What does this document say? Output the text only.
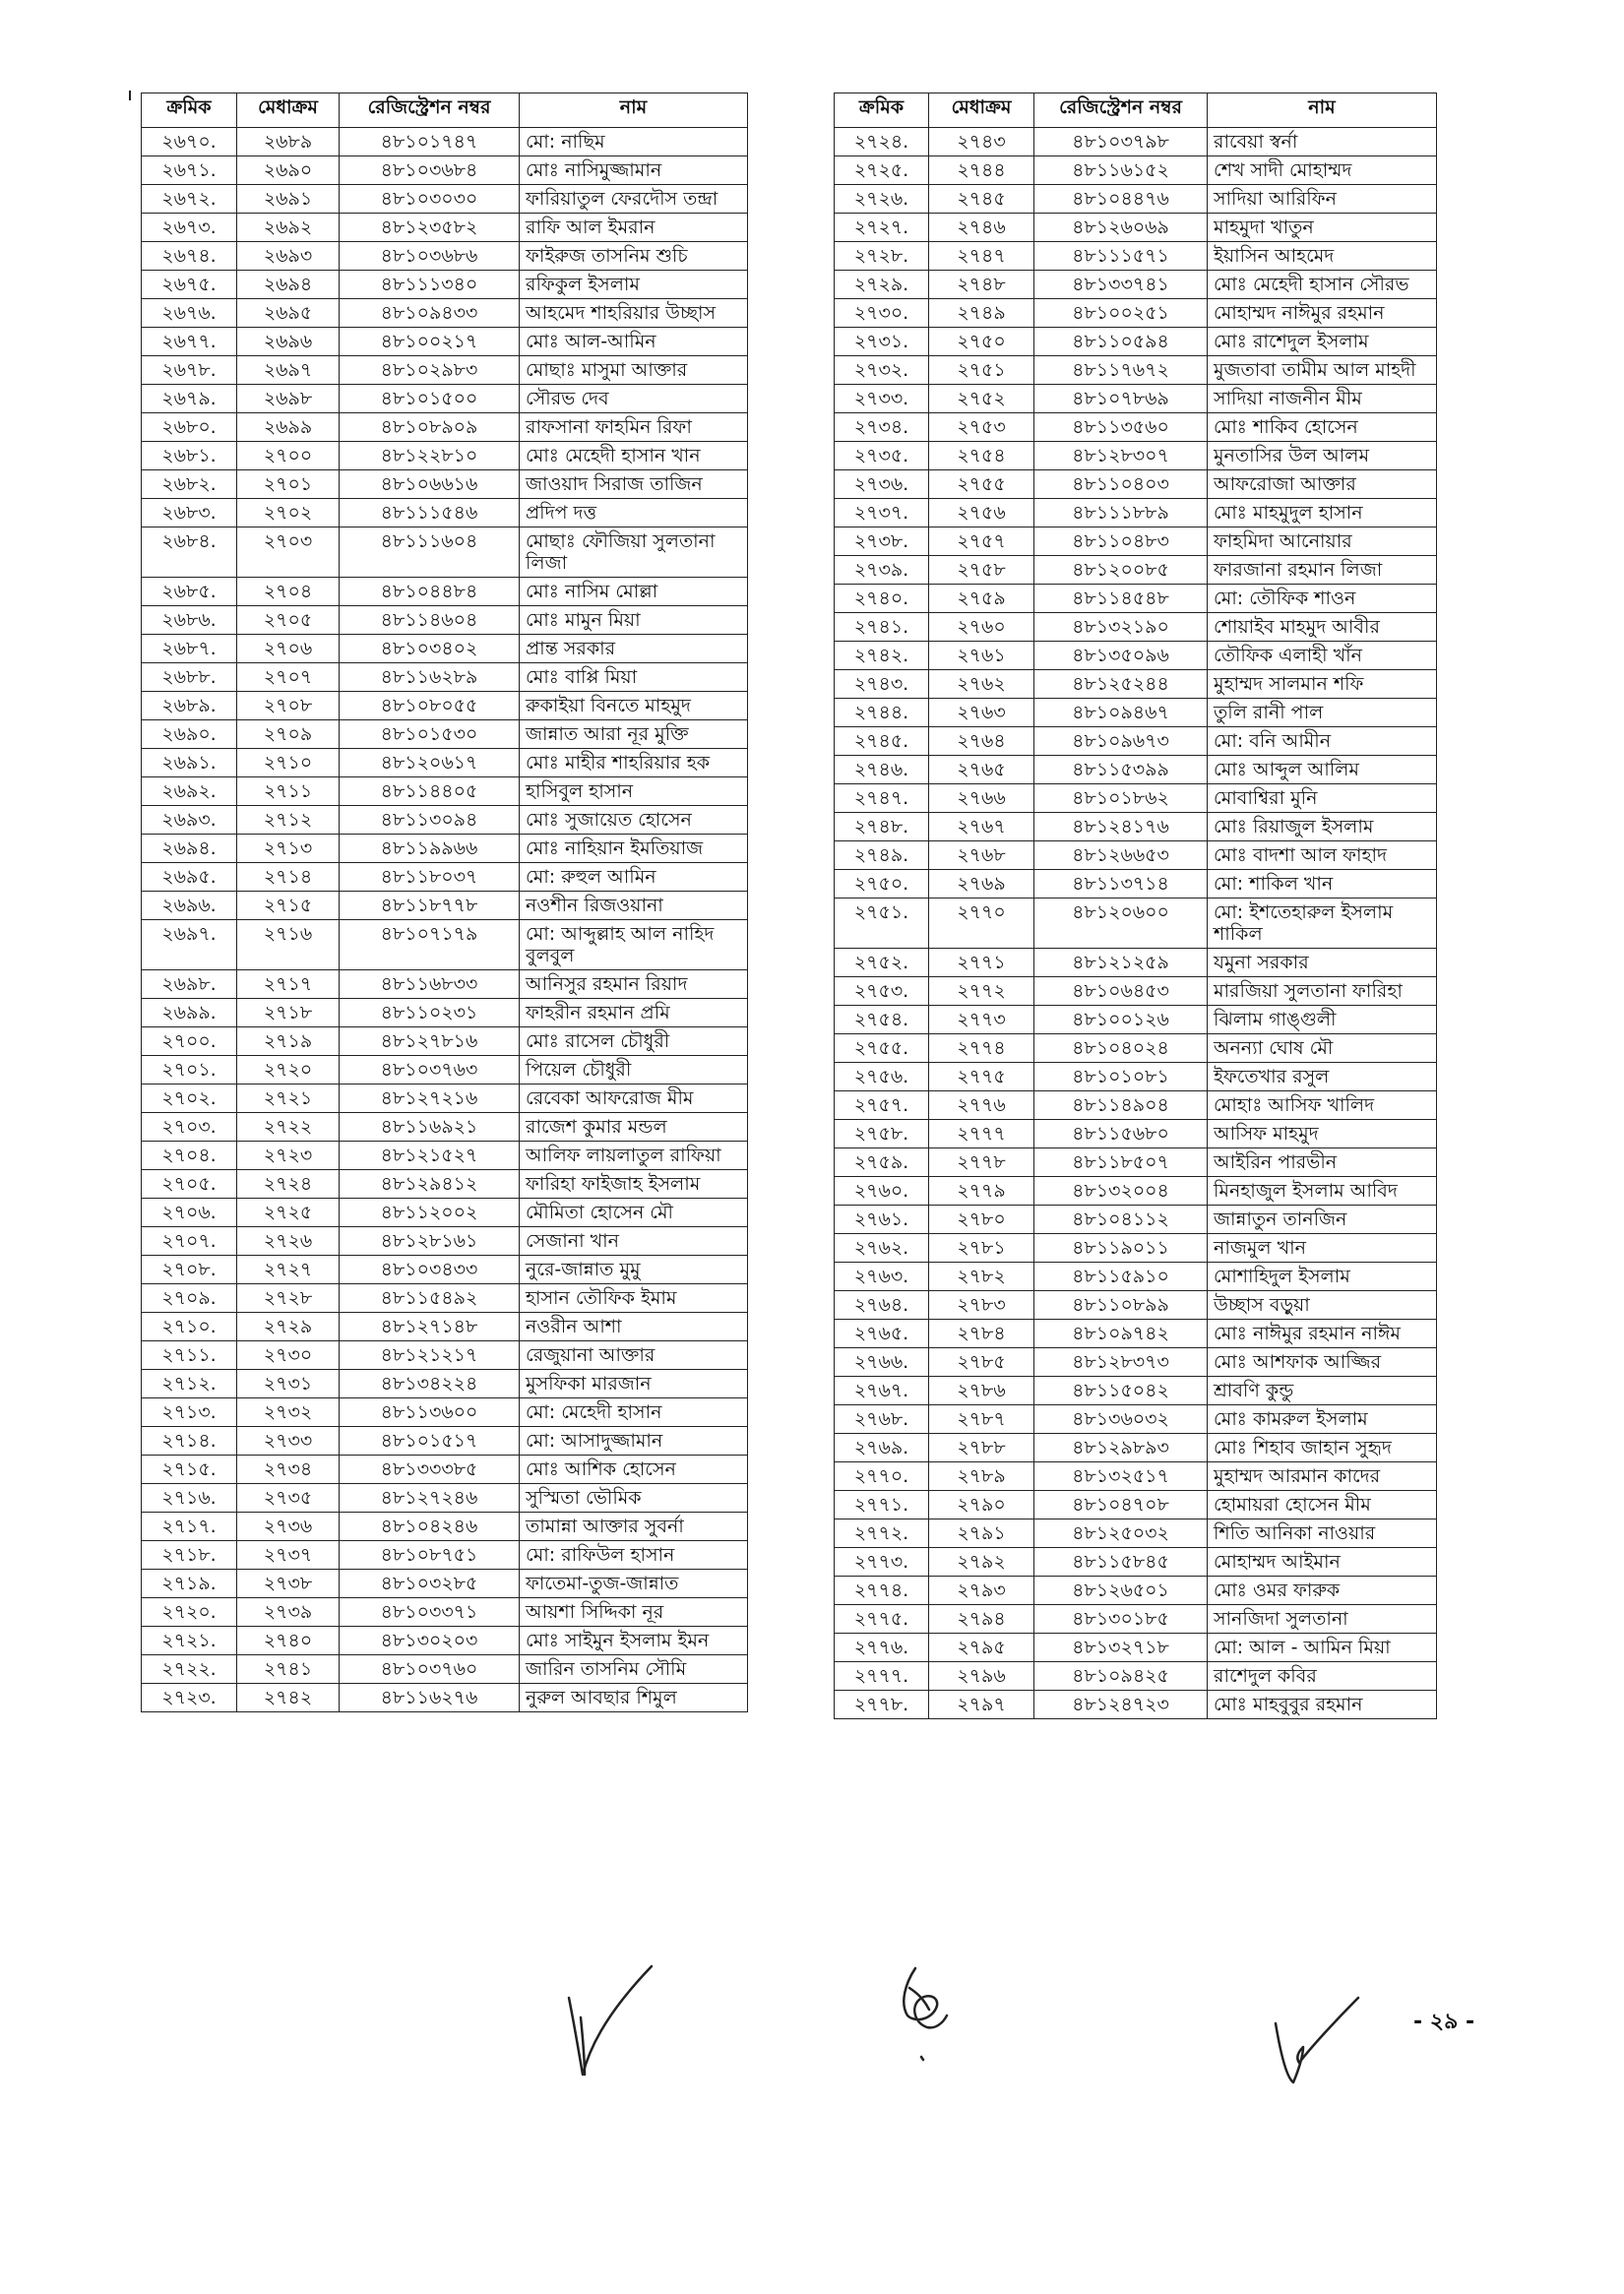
ক্রমিক	মেধাক্রম	রেজিস্ট্রেশন নম্বর	নাম
২৬৭০.	২৬৮৯	৪৮১০১৭৪৭	মো: নাছিম
২৬৭১.	২৬৯০	৪৮১০৩৬৮৪	মোঃ নাসিমুজ্জামান
২৬৭২.	২৬৯১	৪৮১০৩০৩০	ফারিয়াতুল ফেরদৌস তন্দ্রা
২৬৭৩.	২৬৯২	৪৮১২৩৫৮২	রাফি আল ইমরান
২৬৭৪.	২৬৯৩	৪৮১০৩৬৮৬	ফাইরুজ তাসনিম শুচি
২৬৭৫.	২৬৯৪	৪৮১১১৩৪০	রফিকুল ইসলাম
২৬৭৬.	২৬৯৫	৪৮১০৯৪৩৩	আহমেদ শাহরিয়ার উচ্ছাস
২৬৭৭.	২৬৯৬	৪৮১০০২১৭	মোঃ আল-আমিন
২৬৭৮.	২৬৯৭	৪৮১০২৯৮৩	মোছাঃ মাসুমা আক্তার
২৬৭৯.	২৬৯৮	৪৮১০১৫০০	সৌরভ দেব
২৬৮০.	২৬৯৯	৪৮১০৮৯০৯	রাফসানা ফাহমিন রিফা
২৬৮১.	২৭০০	৪৮১২২৮১০	মোঃ মেহেদী হাসান খান
২৬৮২.	২৭০১	৪৮১০৬৬১৬	জাওয়াদ সিরাজ তাজিন
২৬৮৩.	২৭০২	৪৮১১১৫৪৬	প্রদিপ দত্ত
২৬৮৪.	২৭০৩	৪৮১১১৬০৪	মোছাঃ ফৌজিয়া সুলতানা লিজা
২৬৮৫.	২৭০৪	৪৮১০৪৪৮৪	মোঃ নাসিম মোল্লা
২৬৮৬.	২৭০৫	৪৮১১৪৬০৪	মোঃ মামুন মিয়া
২৬৮৭.	২৭০৬	৪৮১০৩৪০২	প্রান্ত সরকার
২৬৮৮.	২৭০৭	৪৮১১৬২৮৯	মোঃ বাপ্পি মিয়া
২৬৮৯.	২৭০৮	৪৮১০৮০৫৫	রুকাইয়া বিনতে মাহমুদ
২৬৯০.	২৭০৯	৪৮১০১৫৩০	জান্নাত আরা নূর মুক্তি
২৬৯১.	২৭১০	৪৮১২০৬১৭	মোঃ মাহীর শাহরিয়ার হক
২৬৯২.	২৭১১	৪৮১১৪৪০৫	হাসিবুল হাসান
২৬৯৩.	২৭১২	৪৮১১৩০৯৪	মোঃ সুজায়েত হোসেন
২৬৯৪.	২৭১৩	৪৮১১৯৯৬৬	মোঃ নাহিয়ান ইমতিয়াজ
২৬৯৫.	২৭১৪	৪৮১১৮০৩৭	মো: রুহুল আমিন
২৬৯৬.	২৭১৫	৪৮১১৮৭৭৮	নওশীন রিজওয়ানা
২৬৯৭.	২৭১৬	৪৮১০৭১৭৯	মো: আব্দুল্লাহ আল নাহিদ বুলবুল
২৬৯৮.	২৭১৭	৪৮১১৬৮৩৩	আনিসুর রহমান রিয়াদ
২৬৯৯.	২৭১৮	৪৮১১০২৩১	ফাহরীন রহমান প্রমি
২৭০০.	২৭১৯	৪৮১২৭৮১৬	মোঃ রাসেল চৌধুরী
২৭০১.	২৭২০	৪৮১০৩৭৬৩	পিয়েল চৌধুরী
২৭০২.	২৭২১	৪৮১২৭২১৬	রেবেকা আফরোজ মীম
২৭০৩.	২৭২২	৪৮১১৬৯২১	রাজেশ কুমার মন্ডল
২৭০৪.	২৭২৩	৪৮১২১৫২৭	আলিফ লায়লাতুল রাফিয়া
২৭০৫.	২৭২৪	৪৮১২৯৪১২	ফারিহা ফাইজাহ ইসলাম
২৭০৬.	২৭২৫	৪৮১১২০০২	মৌমিতা হোসেন মৌ
২৭০৭.	২৭২৬	৪৮১২৮১৬১	সেজানা খান
২৭০৮.	২৭২৭	৪৮১০৩৪৩৩	নুরে-জান্নাত মুমু
২৭০৯.	২৭২৮	৪৮১১৫৪৯২	হাসান তৌফিক ইমাম
২৭১০.	২৭২৯	৪৮১২৭১৪৮	নওরীন আশা
২৭১১.	২৭৩০	৪৮১২১২১৭	রেজুয়ানা আক্তার
২৭১২.	২৭৩১	৪৮১৩৪২২৪	মুসফিকা মারজান
২৭১৩.	২৭৩২	৪৮১১৩৬০০	মো: মেহেদী হাসান
২৭১৪.	২৭৩৩	৪৮১০১৫১৭	মো: আসাদুজ্জামান
২৭১৫.	২৭৩৪	৪৮১৩৩৩৮৫	মোঃ আশিক হোসেন
২৭১৬.	২৭৩৫	৪৮১২৭২৪৬	সুস্মিতা ভৌমিক
২৭১৭.	২৭৩৬	৪৮১০৪২৪৬	তামান্না আক্তার সুবর্না
২৭১৮.	২৭৩৭	৪৮১০৮৭৫১	মো: রাফিউল হাসান
২৭১৯.	২৭৩৮	৪৮১০৩২৮৫	ফাতেমা-তুজ-জান্নাত
২৭২০.	২৭৩৯	৪৮১০৩৩৭১	আয়শা সিদ্দিকা নূর
২৭২১.	২৭৪০	৪৮১৩০২০৩	মোঃ সাইমুন ইসলাম ইমন
২৭২২.	২৭৪১	৪৮১০৩৭৬০	জারিন তাসনিম সৌমি
২৭২৩.	২৭৪২	৪৮১১৬২৭৬	নুরুল আবছার শিমুল
ক্রমিক	মেধাক্রম	রেজিস্ট্রেশন নম্বর	নাম
২৭২৪.	২৭৪৩	৪৮১০৩৭৯৮	রাবেয়া স্বর্না
২৭২৫.	২৭৪৪	৪৮১১৬১৫২	শেখ সাদী মোহাম্মদ
২৭২৬.	২৭৪৫	৪৮১০৪৪৭৬	সাদিয়া আরিফিন
২৭২৭.	২৭৪৬	৪৮১২৬০৬৯	মাহমুদা খাতুন
২৭২৮.	২৭৪৭	৪৮১১১৫৭১	ইয়াসিন আহমেদ
২৭২৯.	২৭৪৮	৪৮১৩৩৭৪১	মোঃ মেহেদী হাসান সৌরভ
২৭৩০.	২৭৪৯	৪৮১০০২৫১	মোহাম্মদ নাঈমুর রহমান
২৭৩১.	২৭৫০	৪৮১১০৫৯৪	মোঃ রাশেদুল ইসলাম
২৭৩২.	২৭৫১	৪৮১১৭৬৭২	মুজতাবা তামীম আল মাহদী
২৭৩৩.	২৭৫২	৪৮১০৭৮৬৯	সাদিয়া নাজনীন মীম
২৭৩৪.	২৭৫৩	৪৮১১৩৫৬০	মোঃ শাকিব হোসেন
২৭৩৫.	২৭৫৪	৪৮১২৮৩০৭	মুনতাসির উল আলম
২৭৩৬.	২৭৫৫	৪৮১১০৪০৩	আফরোজা আক্তার
২৭৩৭.	২৭৫৬	৪৮১১১৮৮৯	মোঃ মাহমুদুল হাসান
২৭৩৮.	২৭৫৭	৪৮১১০৪৮৩	ফাহমিদা আনোয়ার
২৭৩৯.	২৭৫৮	৪৮১২০০৮৫	ফারজানা রহমান লিজা
২৭৪০.	২৭৫৯	৪৮১১৪৫৪৮	মো: তৌফিক শাওন
২৭৪১.	২৭৬০	৪৮১৩২১৯০	শোয়াইব মাহমুদ আবীর
২৭৪২.	২৭৬১	৪৮১৩৫০৯৬	তৌফিক এলাহী খাঁন
২৭৪৩.	২৭৬২	৪৮১২৫২৪৪	মুহাম্মদ সালমান শফি
২৭৪৪.	২৭৬৩	৪৮১০৯৪৬৭	তুলি রানী পাল
২৭৪৫.	২৭৬৪	৪৮১০৯৬৭৩	মো: বনি আমীন
২৭৪৬.	২৭৬৫	৪৮১১৫৩৯৯	মোঃ আব্দুল আলিম
২৭৪৭.	২৭৬৬	৪৮১০১৮৬২	মোবাশ্বিরা মুনি
২৭৪৮.	২৭৬৭	৪৮১২৪১৭৬	মোঃ রিয়াজুল ইসলাম
২৭৪৯.	২৭৬৮	৪৮১২৬৬৫৩	মোঃ বাদশা আল ফাহাদ
২৭৫০.	২৭৬৯	৪৮১১৩৭১৪	মো: শাকিল খান
২৭৫১.	২৭৭০	৪৮১২০৬০০	মো: ইশতেহারুল ইসলাম শাকিল
২৭৫২.	২৭৭১	৪৮১২১২৫৯	যমুনা সরকার
২৭৫৩.	২৭৭২	৪৮১০৬৪৫৩	মারজিয়া সুলতানা ফারিহা
২৭৫৪.	২৭৭৩	৪৮১০০১২৬	ঝিলাম গাঙ্গুলী
২৭৫৫.	২৭৭৪	৪৮১০৪০২৪	অনন্যা ঘোষ মৌ
২৭৫৬.	২৭৭৫	৪৮১০১০৮১	ইফতেখার রসুল
২৭৫৭.	২৭৭৬	৪৮১১৪৯০৪	মোহাঃ আসিফ খালিদ
২৭৫৮.	২৭৭৭	৪৮১১৫৬৮০	আসিফ মাহমুদ
২৭৫৯.	২৭৭৮	৪৮১১৮৫০৭	আইরিন পারভীন
২৭৬০.	২৭৭৯	৪৮১৩২০০৪	মিনহাজুল ইসলাম আবিদ
২৭৬১.	২৭৮০	৪৮১০৪১১২	জান্নাতুন তানজিন
২৭৬২.	২৭৮১	৪৮১১৯০১১	নাজমুল খান
২৭৬৩.	২৭৮২	৪৮১১৫৯১০	মোশাহিদুল ইসলাম
২৭৬৪.	২৭৮৩	৪৮১১০৮৯৯	উচ্ছাস বড়ুয়া
২৭৬৫.	২৭৮৪	৪৮১০৯৭৪২	মোঃ নাঈমুর রহমান নাঈম
২৭৬৬.	২৭৮৫	৪৮১২৮৩৭৩	মোঃ আশফাক আজ্জির
২৭৬৭.	২৭৮৬	৪৮১১৫০৪২	শ্রাবণি কুন্ডু
২৭৬৮.	২৭৮৭	৪৮১৩৬০৩২	মোঃ কামরুল ইসলাম
২৭৬৯.	২৭৮৮	৪৮১২৯৮৯৩	মোঃ শিহাব জাহান সুহৃদ
২৭৭০.	২৭৮৯	৪৮১৩২৫১৭	মুহাম্মদ আরমান কাদের
২৭৭১.	২৭৯০	৪৮১০৪৭০৮	হোমায়রা হোসেন মীম
২৭৭২.	২৭৯১	৪৮১২৫০৩২	শিতি আনিকা নাওয়ার
২৭৭৩.	২৭৯২	৪৮১১৫৮৪৫	মোহাম্মদ আইমান
২৭৭৪.	২৭৯৩	৪৮১২৬৫০১	মোঃ ওমর ফারুক
২৭৭৫.	২৭৯৪	৪৮১৩০১৮৫	সানজিদা সুলতানা
২৭৭৬.	২৭৯৫	৪৮১৩২৭১৮	মো: আল - আমিন মিয়া
২৭৭৭.	২৭৯৬	৪৮১০৯৪২৫	রাশেদুল কবির
২৭৭৮.	২৭৯৭	৪৮১২৪৭২৩	মোঃ মাহবুবুর রহমান
- ২৯ -
